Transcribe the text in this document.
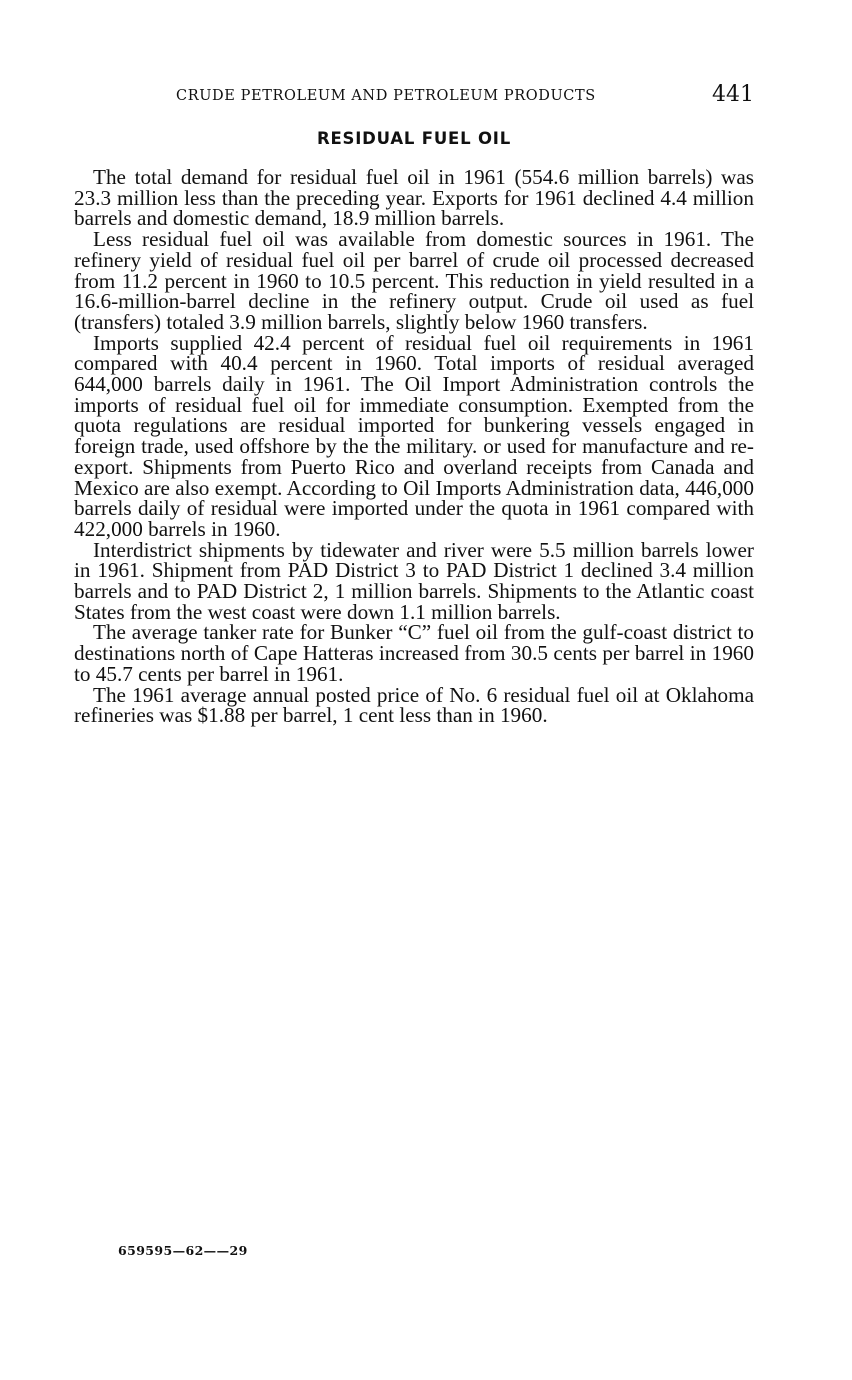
CRUDE PETROLEUM AND PETROLEUM PRODUCTS	441
RESIDUAL FUEL OIL

The total demand for residual fuel oil in 1961 (554.6 million barrels) was 23.3 million less than the preceding year. Exports for 1961 declined 4.4 million barrels and domestic demand, 18.9 million barrels.

Less residual fuel oil was available from domestic sources in 1961. The refinery yield of residual fuel oil per barrel of crude oil processed decreased from 11.2 percent in 1960 to 10.5 percent. This reduction in yield resulted in a 16.6-million-barrel decline in the refinery output. Crude oil used as fuel (transfers) totaled 3.9 million barrels, slightly below 1960 transfers.

Imports supplied 42.4 percent of residual fuel oil requirements in 1961 compared with 40.4 percent in 1960. Total imports of residual averaged 644,000 barrels daily in 1961. The Oil Import Administration controls the imports of residual fuel oil for immediate consumption. Exempted from the quota regulations are residual imported for bunkering vessels engaged in foreign trade, used offshore by the the military. or used for manufacture and re-export. Shipments from Puerto Rico and overland receipts from Canada and Mexico are also exempt. According to Oil Imports Administration data, 446,000 barrels daily of residual were imported under the quota in 1961 compared with 422,000 barrels in 1960.

Interdistrict shipments by tidewater and river were 5.5 million barrels lower in 1961. Shipment from PAD District 3 to PAD District 1 declined 3.4 million barrels and to PAD District 2, 1 million barrels. Shipments to the Atlantic coast States from the west coast were down 1.1 million barrels.

The average tanker rate for Bunker “C” fuel oil from the gulf-coast district to destinations north of Cape Hatteras increased from 30.5 cents per barrel in 1960 to 45.7 cents per barrel in 1961.

The 1961 average annual posted price of No. 6 residual fuel oil at Oklahoma refineries was $1.88 per barrel, 1 cent less than in 1960.

659595—62——29
